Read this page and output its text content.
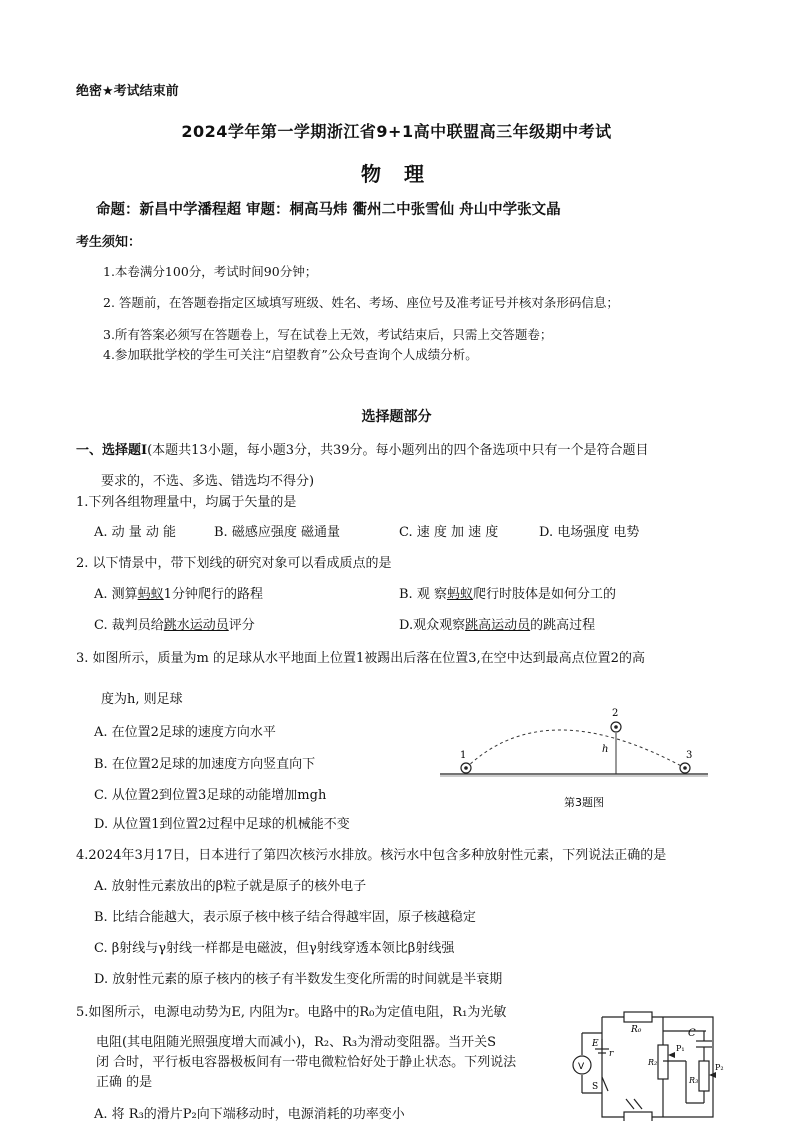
绝密★考试结束前
2024学年第一学期浙江省9+1高中联盟高三年级期中考试
物 理
命题：新昌中学潘程超 审题：桐高马炜 衢州二中张雪仙 舟山中学张文晶
考生须知：
1.本卷满分100分，考试时间90分钟；
2. 答题前，在答题卷指定区域填写班级、姓名、考场、座位号及准考证号并核对条形码信息；
3.所有答案必须写在答题卷上，写在试卷上无效，考试结束后，只需上交答题卷；
4.参加联批学校的学生可关注“启望教育”公众号查询个人成绩分析。
选择题部分
一、选择题Ⅰ(本题共13小题，每小题3分，共39分。每小题列出的四个备选项中只有一个是符合题目
要求的，不选、多选、错选均不得分)
1.下列各组物理量中，均属于矢量的是
A. 动 量 动 能	B. 磁感应强度 磁通量	C. 速 度 加 速 度	D. 电场强度 电势
2. 以下情景中，带下划线的研究对象可以看成质点的是
A. 测算蚂蚁1分钟爬行的路程	B. 观 察蚂蚁爬行时肢体是如何分工的
C. 裁判员给跳水运动员评分	D.观众观察跳高运动员的跳高过程
3. 如图所示，质量为m 的足球从水平地面上位置1被踢出后落在位置3,在空中达到最高点位置2的高
度为h, 则足球
A. 在位置2足球的速度方向水平
B. 在位置2足球的加速度方向竖直向下
C. 从位置2到位置3足球的动能增加mgh
D. 从位置1到位置2过程中足球的机械能不变
1
2
3
h
第3题图
4.2024年3月17日，日本进行了第四次核污水排放。核污水中包含多种放射性元素，下列说法正确的是
A. 放射性元素放出的β粒子就是原子的核外电子
B. 比结合能越大，表示原子核中核子结合得越牢固，原子核越稳定
C. β射线与γ射线一样都是电磁波，但γ射线穿透本领比β射线强
D. 放射性元素的原子核内的核子有半数发生变化所需的时间就是半衰期
5.如图所示，电源电动势为E, 内阻为r。电路中的R₀为定值电阻，R₁为光敏
电阻(其电阻随光照强度增大而减小)，R₂、R₃为滑动变阻器。当开关S
闭 合时，平行板电容器极板间有一带电微粒恰好处于静止状态。下列说法
正确 的是
A. 将 R₃的滑片P₂向下端移动时，电源消耗的功率变小
R₀	C
P₁
R₂
R₃
P₂
V
E
r
S
